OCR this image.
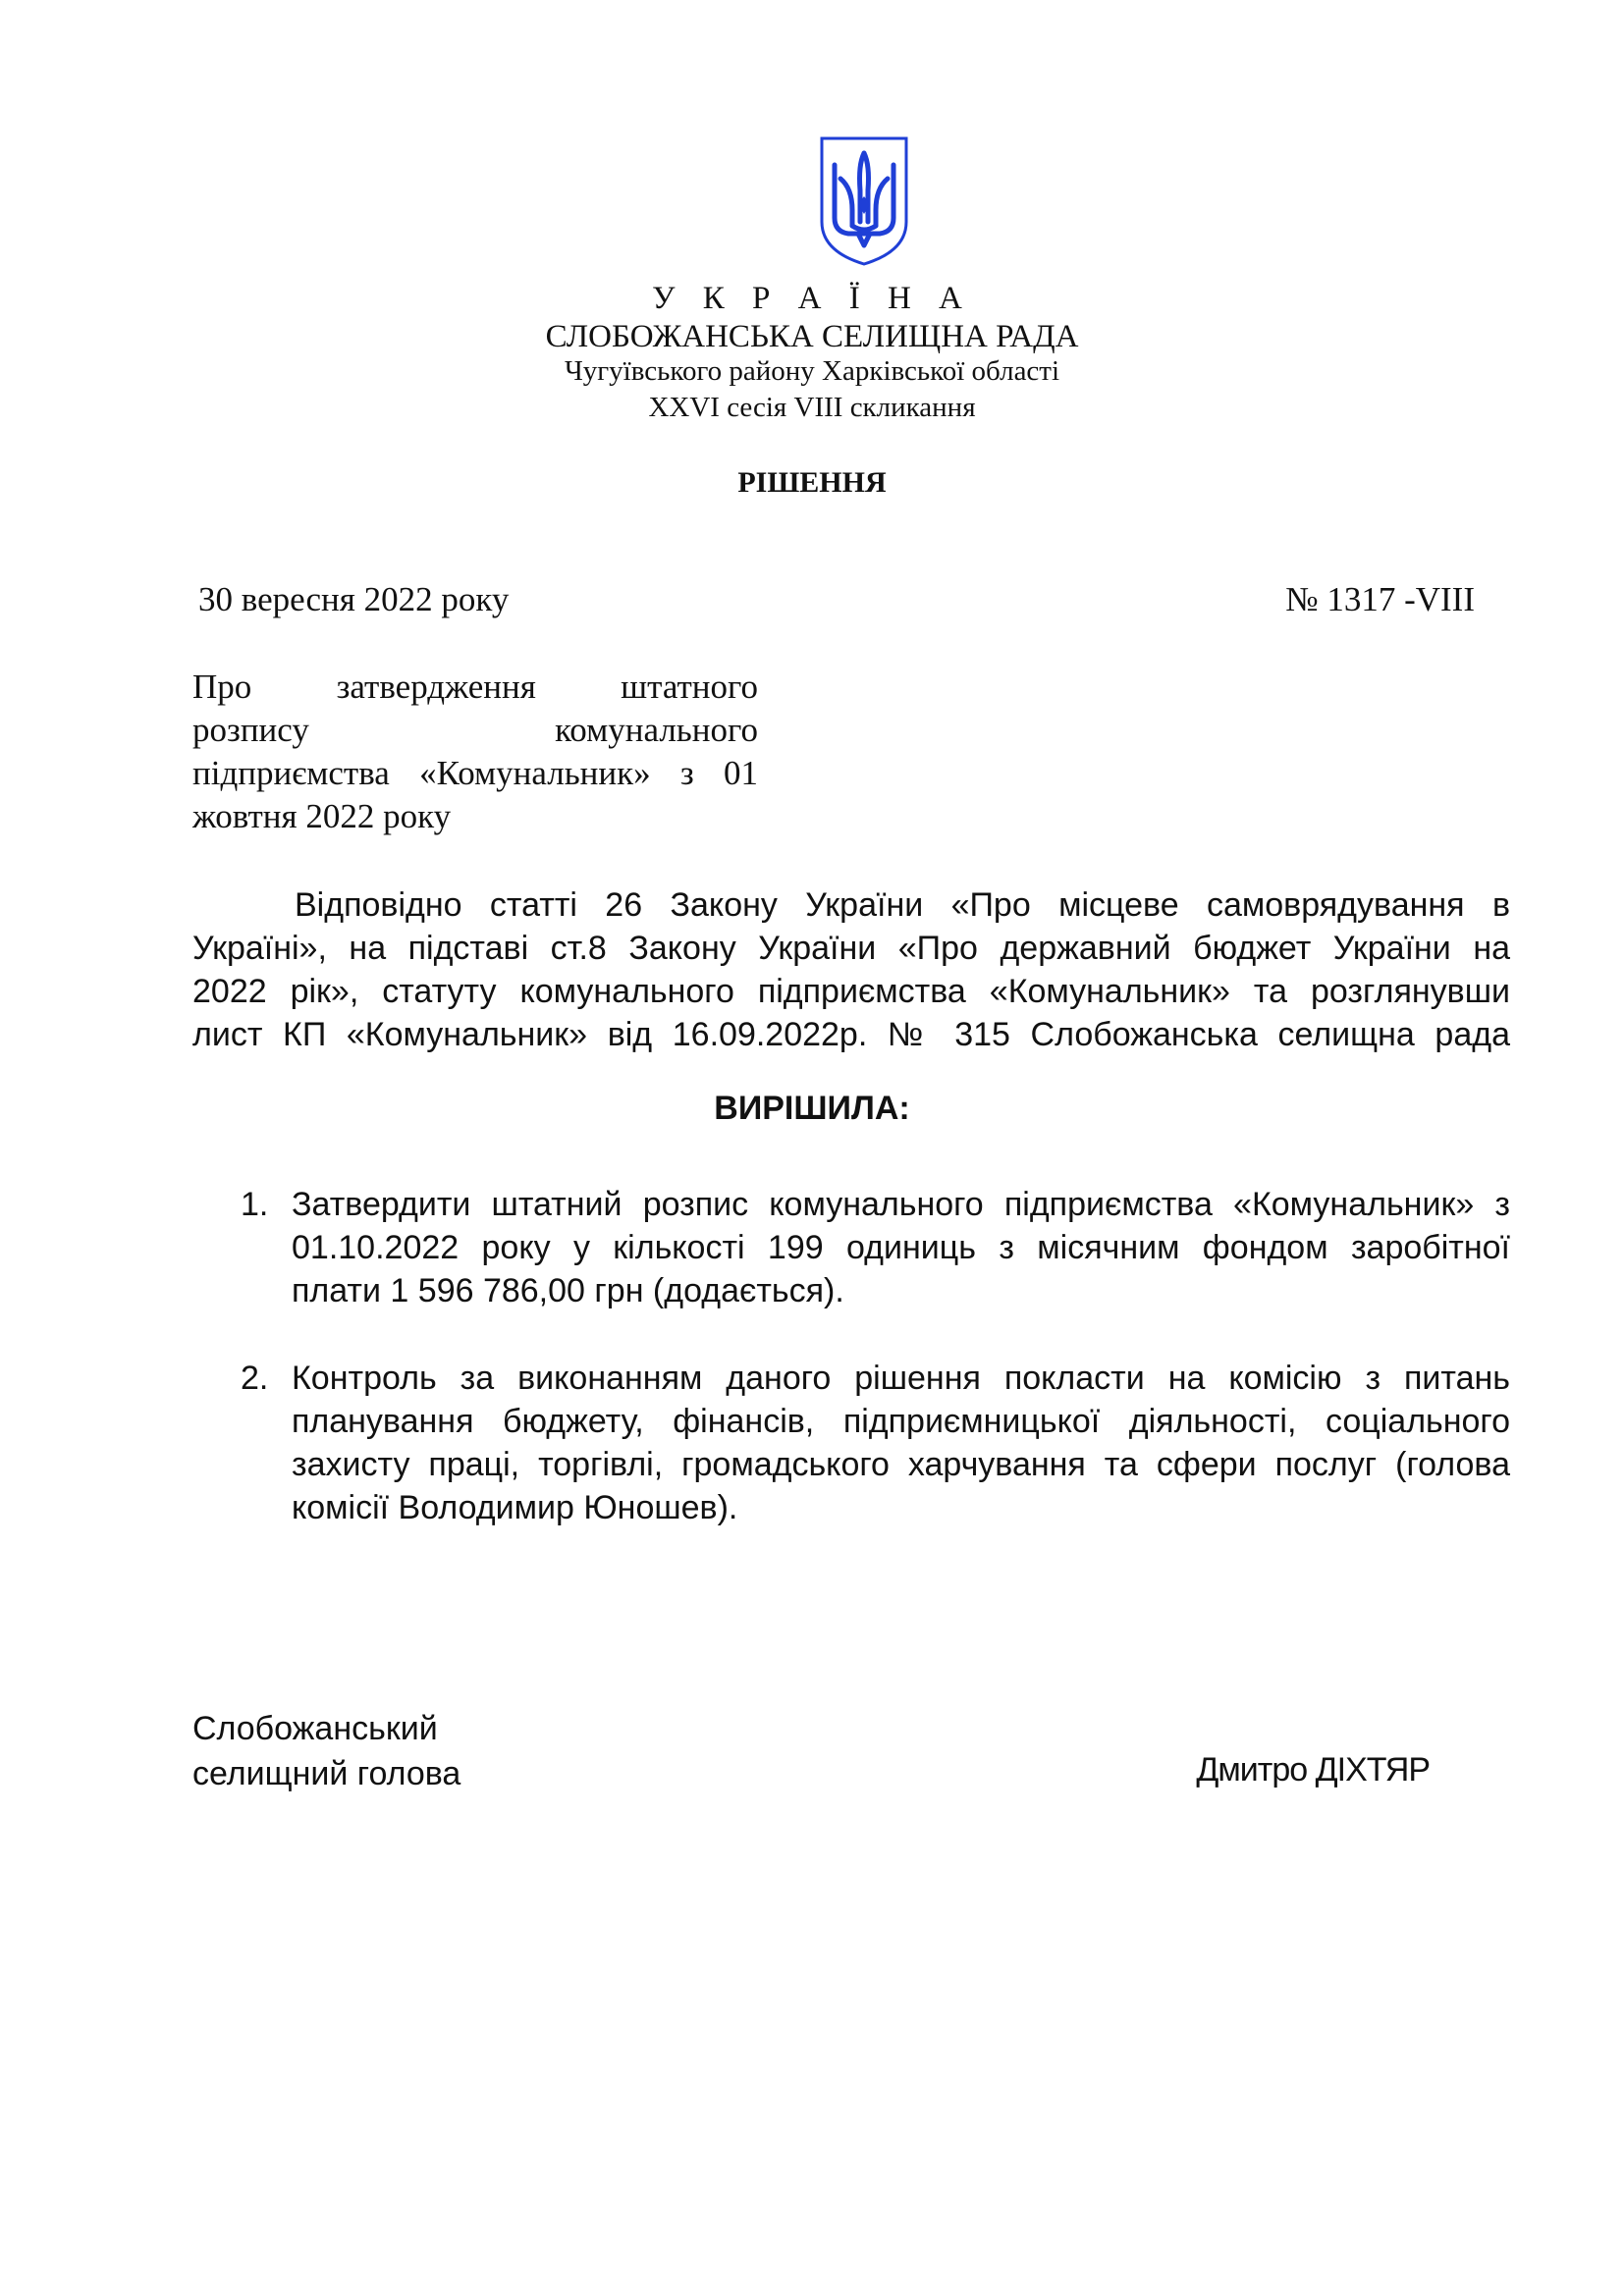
У К Р А Ї Н А
СЛОБОЖАНСЬКА СЕЛИЩНА РАДА
Чугуївського району Харківської області
XXVI сесія VIII скликання
РІШЕННЯ
30 вересня 2022 року	№ 1317 -VIII
Про затвердження штатного
розпису комунального
підприємства «Комунальник» з 01
жовтня 2022 року
Відповідно статті 26 Закону України «Про місцеве самоврядування в
Україні», на підставі ст.8 Закону України «Про державний бюджет України на
2022 рік», статуту комунального підприємства «Комунальник» та розглянувши
лист КП «Комунальник» від 16.09.2022р. № 315 Слобожанська селищна рада
ВИРІШИЛА:
1. Затвердити штатний розпис комунального підприємства «Комунальник» з
01.10.2022 року у кількості 199 одиниць з місячним фондом заробітної
плати 1 596 786,00 грн (додається).
2. Контроль за виконанням даного рішення покласти на комісію з питань
планування бюджету, фінансів, підприємницької діяльності, соціального
захисту праці, торгівлі, громадського харчування та сфери послуг (голова
комісії Володимир Юношев).
Слобожанський
селищний голова	Дмитро ДІХТЯР
